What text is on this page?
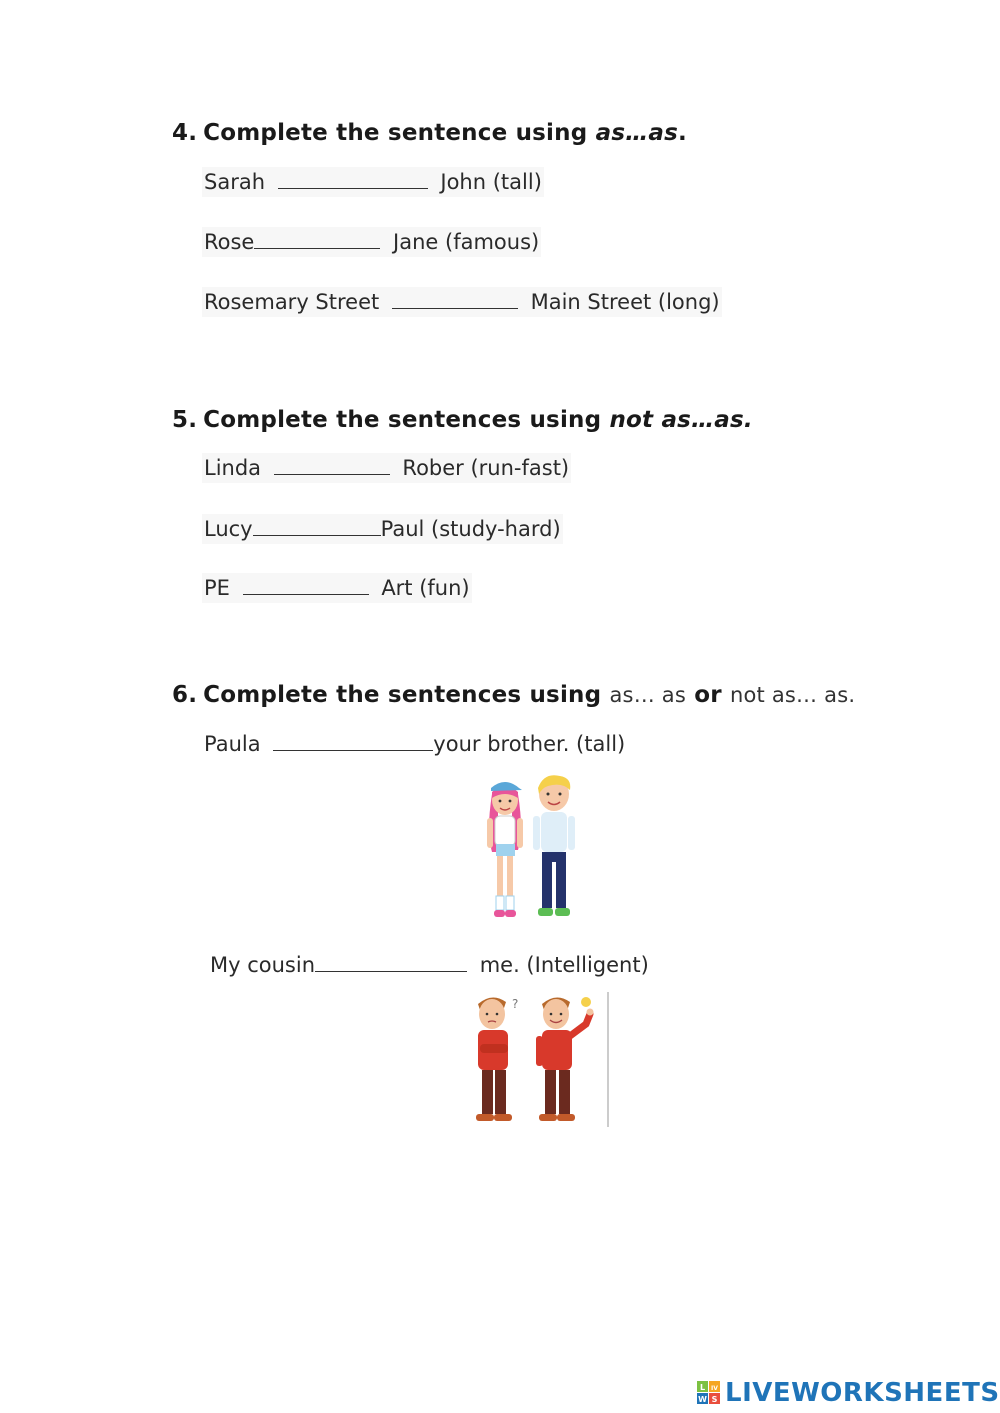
4. Complete the sentence using as…as.
Sarah	John (tall)
Rose	Jane (famous)
Rosemary Street	Main Street (long)
5. Complete the sentences using not as…as.
Linda	Rober (run-fast)
Lucy	Paul (study-hard)
PE	Art (fun)
6. Complete the sentences using as… as or not as… as.
Paula	your brother. (tall)
My cousin	me. (Intelligent)
?
L IV
W S LIVEWORKSHEETS
